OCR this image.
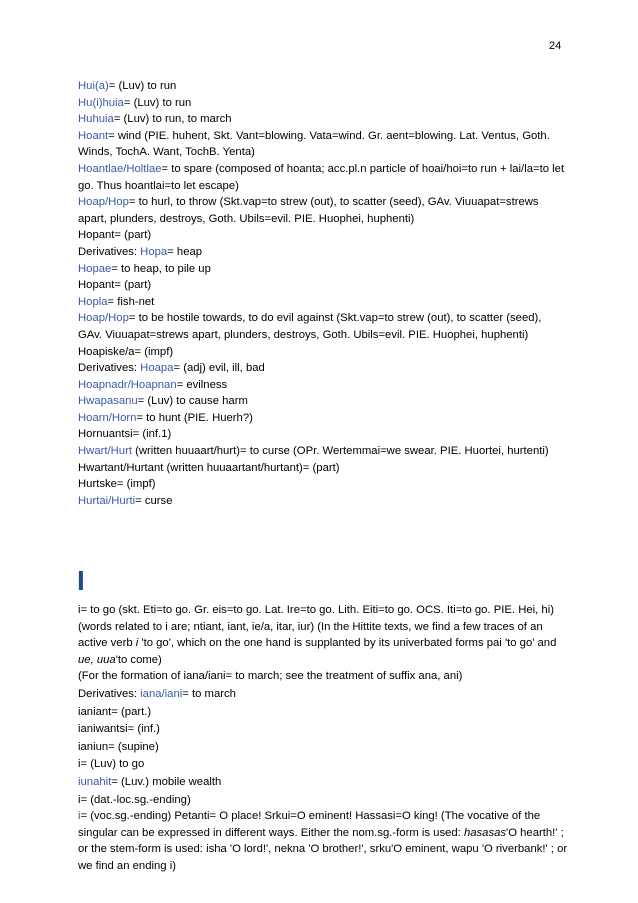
24

Hui(a)= (Luv) to run

Hu(i)huia= (Luv) to run

Huhuia= (Luv) to run, to march

Hoant= wind (PIE. huhent, Skt. Vant=blowing. Vata=wind. Gr. aent=blowing. Lat. Ventus, Goth. Winds, TochA. Want, TochB. Yenta)

Hoantlae/Holtlae= to spare (composed of hoanta; acc.pl.n particle of hoai/hoi=to run + lai/la=to let go. Thus hoantlai=to let escape)

Hoap/Hop= to hurl, to throw (Skt.vap=to strew (out), to scatter (seed), GAv. Viuuapat=strews apart, plunders, destroys, Goth. Ubils=evil. PIE. Huophei, huphenti)

Hopant= (part)

Derivatives: Hopa= heap

Hopae= to heap, to pile up

Hopant= (part)

Hopla= fish-net

Hoap/Hop= to be hostile towards, to do evil against (Skt.vap=to strew (out), to scatter (seed), GAv. Viuuapat=strews apart, plunders, destroys, Goth. Ubils=evil. PIE. Huophei, huphenti)

Hoapiske/a= (impf)

Derivatives: Hoapa= (adj) evil, ill, bad

Hoapnadr/Hoapnan= evilness

Hwapasanu= (Luv) to cause harm

Hoarn/Horn= to hunt (PIE. Huerh?)

Hornuantsi= (inf.1)

Hwart/Hurt (written huuaart/hurt)= to curse (OPr. Wertemmai=we swear. PIE. Huortei, hurtenti)

Hwartant/Hurtant (written huuaartant/hurtant)= (part)

Hurtske= (impf)

Hurtai/Hurti= curse

I

i= to go (skt. Eti=to go. Gr. eis=to go. Lat. Ire=to go. Lith. Eiti=to go. OCS. Iti=to go. PIE. Hei, hi) (words related to i are; ntiant, iant, ie/a, itar, iur) (In the Hittite texts, we find a few traces of an active verb i 'to go', which on the one hand is supplanted by its univerbated forms pai 'to go' and ue, uua'to come)

(For the formation of iana/iani= to march; see the treatment of suffix ana, ani)

Derivatives: iana/iani= to march

ianiant= (part.)

ianiwantsi= (inf.)

ianiun= (supine)

i= (Luv) to go

iunahit= (Luv.) mobile wealth

i= (dat.-loc.sg.-ending)

i= (voc.sg.-ending) Petanti= O place! Srkui=O eminent! Hassasi=O king! (The vocative of the singular can be expressed in different ways. Either the nom.sg.-form is used: hasasas'O hearth!' ; or the stem-form is used: isha 'O lord!', nekna 'O brother!', srku'O eminent, wapu 'O riverbank!' ; or we find an ending i)
